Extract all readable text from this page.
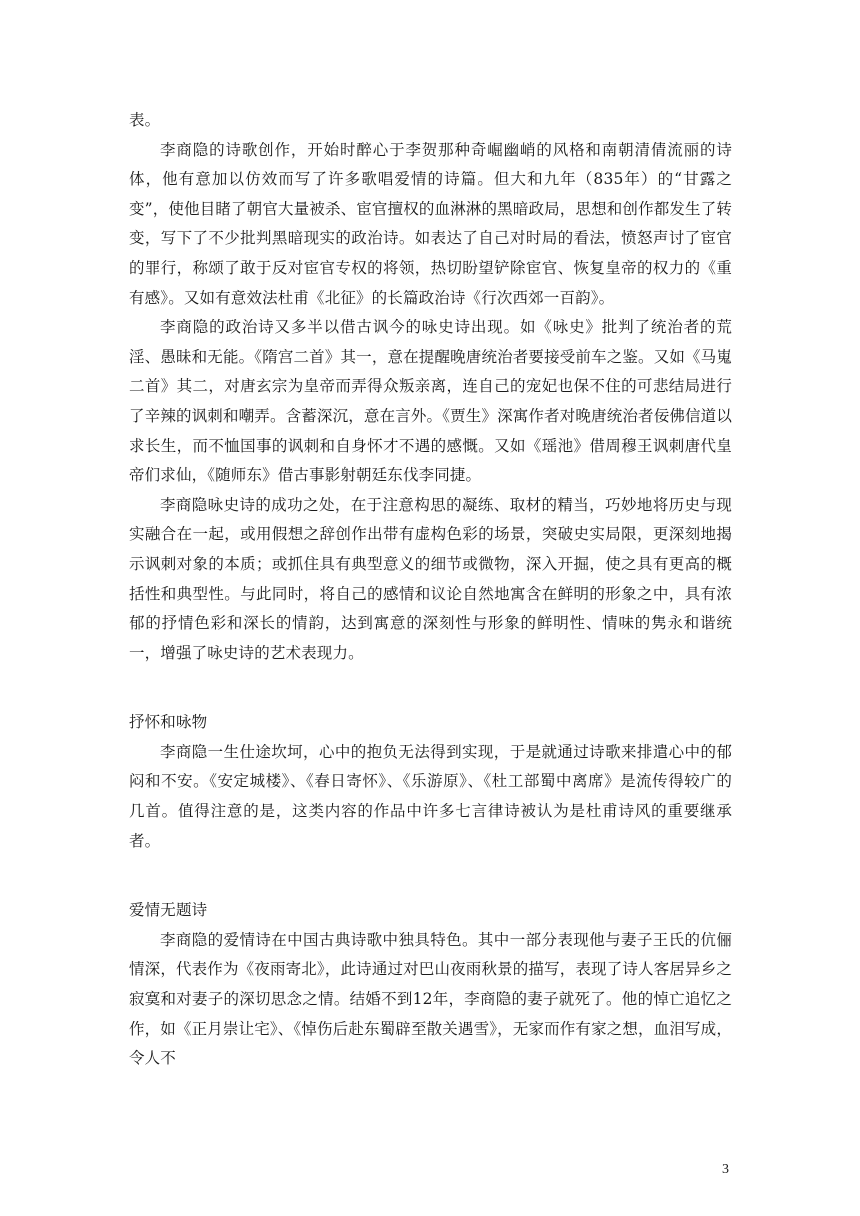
表。

李商隐的诗歌创作，开始时醉心于李贺那种奇崛幽峭的风格和南朝清倩流丽的诗体，他有意加以仿效而写了许多歌唱爱情的诗篇。但大和九年（835年）的“甘露之变”，使他目睹了朝官大量被杀、宦官擅权的血淋淋的黑暗政局，思想和创作都发生了转变，写下了不少批判黑暗现实的政治诗。如表达了自己对时局的看法，愤怒声讨了宦官的罪行，称颂了敢于反对宦官专权的将领，热切盼望铲除宦官、恢复皇帝的权力的《重有感》。又如有意效法杜甫《北征》的长篇政治诗《行次西郊一百韵》。

李商隐的政治诗又多半以借古讽今的咏史诗出现。如《咏史》批判了统治者的荒淫、愚昧和无能。《隋宫二首》其一，意在提醒晚唐统治者要接受前车之鉴。又如《马嵬二首》其二，对唐玄宗为皇帝而弄得众叛亲离，连自己的宠妃也保不住的可悲结局进行了辛辣的讽刺和嘲弄。含蓄深沉，意在言外。《贾生》深寓作者对晚唐统治者佞佛信道以求长生，而不恤国事的讽刺和自身怀才不遇的感慨。又如《瑶池》借周穆王讽刺唐代皇帝们求仙，《随师东》借古事影射朝廷东伐李同捷。

李商隐咏史诗的成功之处，在于注意构思的凝练、取材的精当，巧妙地将历史与现实融合在一起，或用假想之辞创作出带有虚构色彩的场景，突破史实局限，更深刻地揭示讽刺对象的本质；或抓住具有典型意义的细节或微物，深入开掘，使之具有更高的概括性和典型性。与此同时，将自己的感情和议论自然地寓含在鲜明的形象之中，具有浓郁的抒情色彩和深长的情韵，达到寓意的深刻性与形象的鲜明性、情味的隽永和谐统一，增强了咏史诗的艺术表现力。

抒怀和咏物

李商隐一生仕途坎坷，心中的抱负无法得到实现，于是就通过诗歌来排遣心中的郁闷和不安。《安定城楼》、《春日寄怀》、《乐游原》、《杜工部蜀中离席》是流传得较广的几首。值得注意的是，这类内容的作品中许多七言律诗被认为是杜甫诗风的重要继承者。

爱情无题诗

李商隐的爱情诗在中国古典诗歌中独具特色。其中一部分表现他与妻子王氏的伉俪情深，代表作为《夜雨寄北》，此诗通过对巴山夜雨秋景的描写，表现了诗人客居异乡之寂寞和对妻子的深切思念之情。结婚不到12年，李商隐的妻子就死了。他的悼亡追忆之作，如《正月崇让宅》、《悼伤后赴东蜀辟至散关遇雪》，无家而作有家之想，血泪写成，令人不

3
